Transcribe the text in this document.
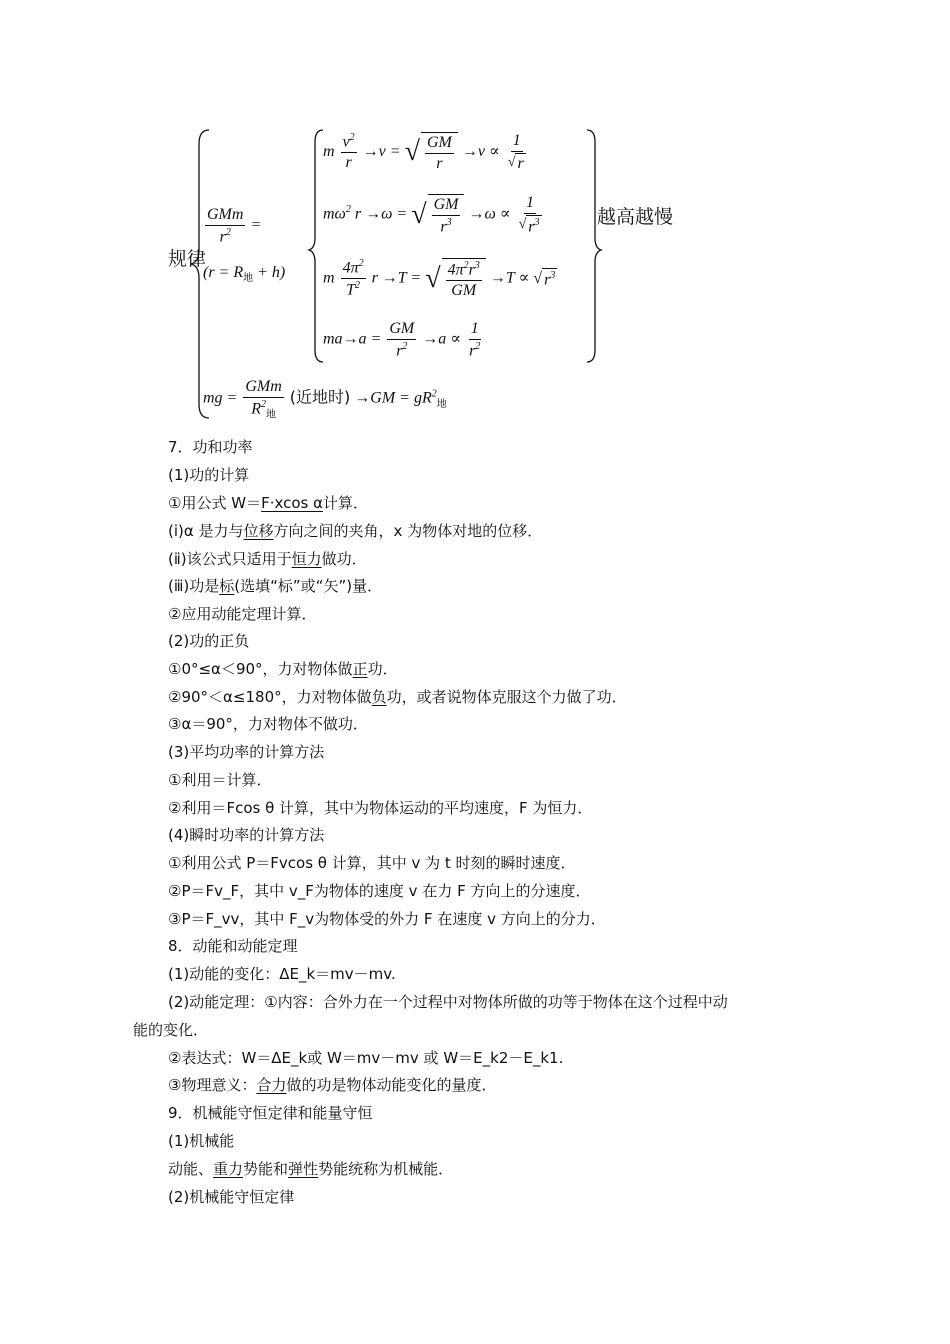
规律
越高越慢
$\frac{\text{GMm}}{r^2}$ =
$(r = R_地 + h)$
m $\frac{v^2}{r} \to v$ = √ $\frac{GM}{r} \to v \propto \frac{1}{√ r}$
$m\omega^2$ r →ω = √ $\frac{GM}{r^3} \to\omega \propto \frac{1}{√ r^3}$
m $\frac{4\pi^2}{T^2}$ r →T = √ $\frac{4\pi^2r^3}{GM} \to T$ ∝ √ $r^3$
$ma\to a = \frac{GM}{r^2} \to a \propto \frac{1}{r^2}$
mg = $\frac{\text{GMm}}{R^2_地}$ (近地时) $\to GM = gR^2_地$
7．功和功率
(1)功的计算
①用公式 W＝F·xcos α计算．
(ⅰ)α 是力与位移方向之间的夹角，x 为物体对地的位移．
(ⅱ)该公式只适用于恒力做功．
(ⅲ)功是标(选填“标”或“矢”)量．
②应用动能定理计算．
(2)功的正负
①0°≤α＜90°，力对物体做正功．
②90°＜α≤180°，力对物体做负功，或者说物体克服这个力做了功．
③α＝90°，力对物体不做功．
(3)平均功率的计算方法
①利用＝计算．
②利用＝Fcos θ 计算，其中为物体运动的平均速度，F 为恒力．
(4)瞬时功率的计算方法
①利用公式 P＝Fvcos θ 计算，其中 v 为 t 时刻的瞬时速度．
②P＝Fv_F，其中 v_F为物体的速度 v 在力 F 方向上的分速度．
③P＝F_vv，其中 F_v为物体受的外力 F 在速度 v 方向上的分力．
8．动能和动能定理
(1)动能的变化：ΔE_k＝mv－mv.
(2)动能定理：①内容：合外力在一个过程中对物体所做的功等于物体在这个过程中动
能的变化．
②表达式：W＝ΔE_k或 W＝mv－mv 或 W＝E_k2－E_k1.
③物理意义：合力做的功是物体动能变化的量度．
9．机械能守恒定律和能量守恒
(1)机械能
动能、重力势能和弹性势能统称为机械能．
(2)机械能守恒定律
